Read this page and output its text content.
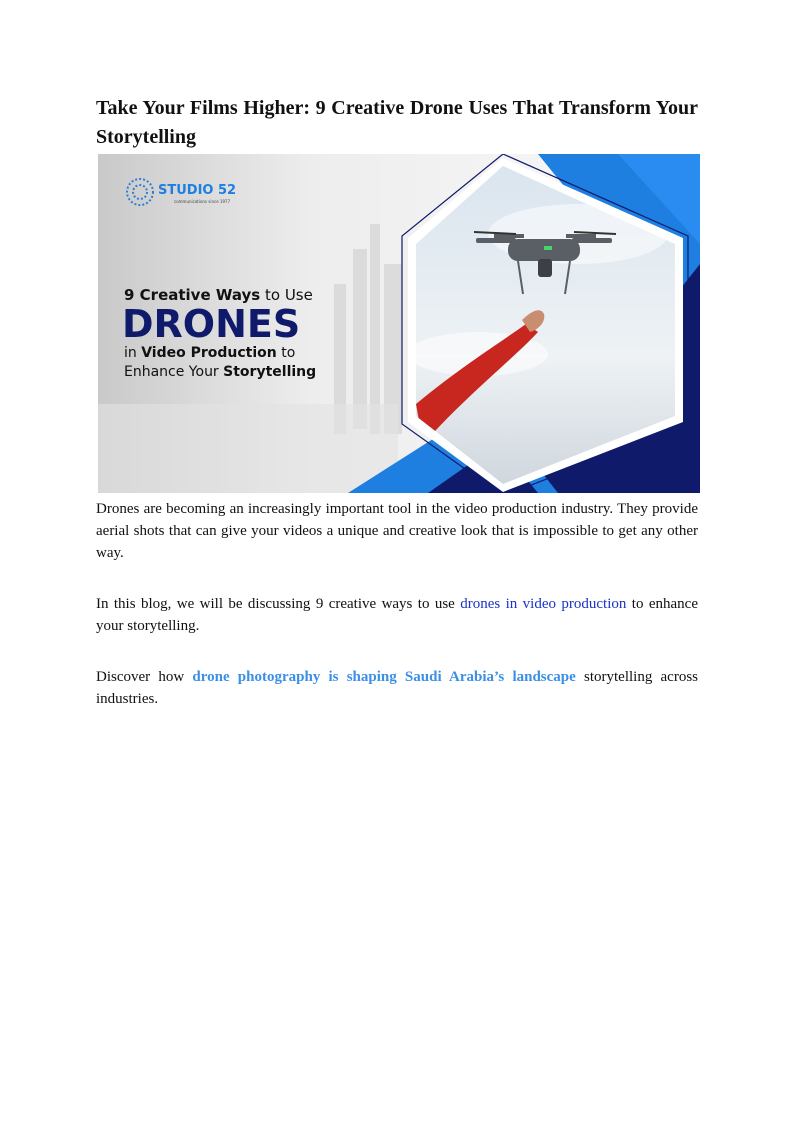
Take Your Films Higher: 9 Creative Drone Uses That Transform Your Storytelling
STUDIO 52
communications since 1977
9 Creative Ways to Use
DRONES
in Video Production to
Enhance Your Storytelling

Drones are becoming an increasingly important tool in the video production industry. They provide aerial shots that can give your videos a unique and creative look that is impossible to get any other way.

In this blog, we will be discussing 9 creative ways to use drones in video production to enhance your storytelling.

Discover how drone photography is shaping Saudi Arabia’s landscape storytelling across industries.
